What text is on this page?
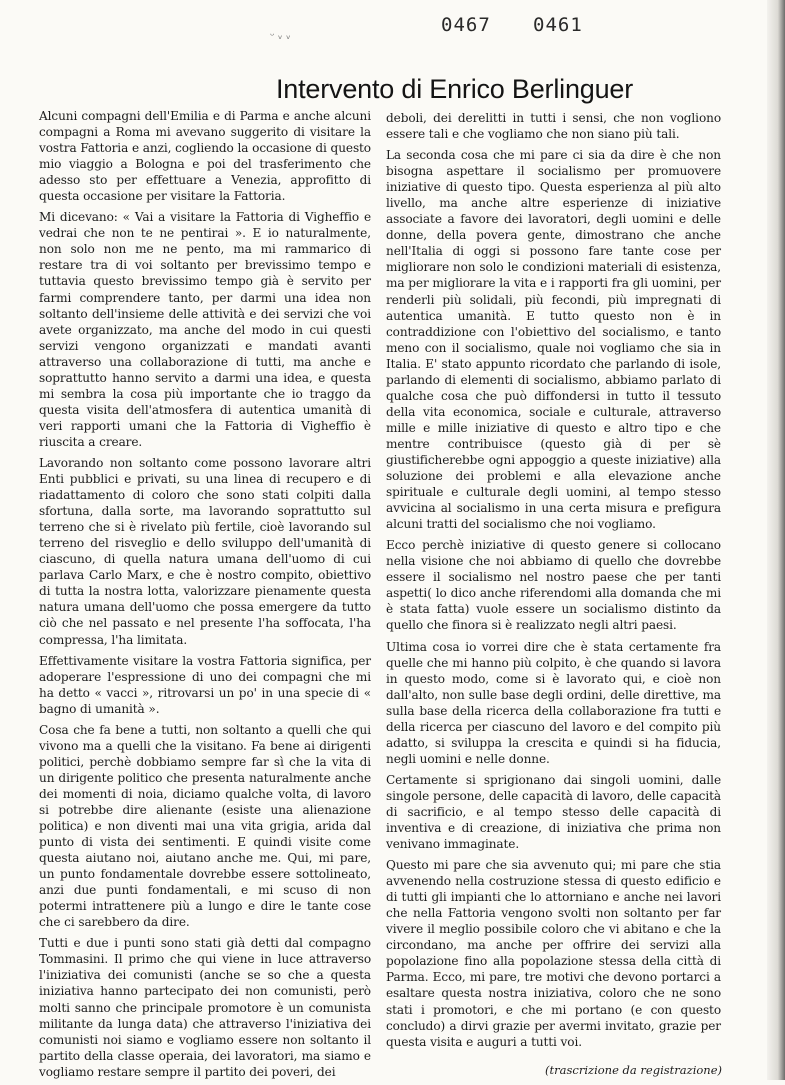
0467 0461
ᵕ ᵥ ᵥ
Intervento di Enrico Berlinguer

Alcuni compagni dell'Emilia e di Parma e anche alcuni compagni a Roma mi avevano suggerito di visitare la vostra Fattoria e anzi, cogliendo la occasione di questo mio viaggio a Bologna e poi del trasferimento che adesso sto per effettuare a Venezia, approfitto di questa occasione per visitare la Fattoria.

Mi dicevano: « Vai a visitare la Fattoria di Vigheffio e vedrai che non te ne pentirai ». E io naturalmente, non solo non me ne pento, ma mi rammarico di restare tra di voi soltanto per brevissimo tempo e tuttavia questo brevissimo tempo già è servito per farmi comprendere tanto, per darmi una idea non soltanto dell'insieme delle attività e dei servizi che voi avete organizzato, ma anche del modo in cui questi servizi vengono organizzati e mandati avanti attraverso una collaborazione di tutti, ma anche e soprattutto hanno servito a darmi una idea, e questa mi sembra la cosa più importante che io traggo da questa visita dell'atmosfera di autentica umanità di veri rapporti umani che la Fattoria di Vigheffio è riuscita a creare.

Lavorando non soltanto come possono lavorare altri Enti pubblici e privati, su una linea di recupero e di riadattamento di coloro che sono stati colpiti dalla sfortuna, dalla sorte, ma lavorando soprattutto sul terreno che si è rivelato più fertile, cioè lavorando sul terreno del risveglio e dello sviluppo dell'umanità di ciascuno, di quella natura umana dell'uomo di cui parlava Carlo Marx, e che è nostro compito, obiettivo di tutta la nostra lotta, valorizzare pienamente questa natura umana dell'uomo che possa emergere da tutto ciò che nel passato e nel presente l'ha soffocata, l'ha compressa, l'ha limitata.

Effettivamente visitare la vostra Fattoria significa, per adoperare l'espressione di uno dei compagni che mi ha detto « vacci », ritrovarsi un po' in una specie di « bagno di umanità ».

Cosa che fa bene a tutti, non soltanto a quelli che qui vivono ma a quelli che la visitano. Fa bene ai dirigenti politici, perchè dobbiamo sempre far sì che la vita di un dirigente politico che presenta naturalmente anche dei momenti di noia, diciamo qualche volta, di lavoro si potrebbe dire alienante (esiste una alienazione politica) e non diventi mai una vita grigia, arida dal punto di vista dei sentimenti. E quindi visite come questa aiutano noi, aiutano anche me. Qui, mi pare, un punto fondamentale dovrebbe essere sottolineato, anzi due punti fondamentali, e mi scuso di non potermi intrattenere più a lungo e dire le tante cose che ci sarebbero da dire.

Tutti e due i punti sono stati già detti dal compagno Tommasini. Il primo che qui viene in luce attraverso l'iniziativa dei comunisti (anche se so che a questa iniziativa hanno partecipato dei non comunisti, però molti sanno che principale promotore è un comunista militante da lunga data) che attraverso l'iniziativa dei comunisti noi siamo e vogliamo essere non soltanto il partito della classe operaia, dei lavoratori, ma siamo e vogliamo restare sempre il partito dei poveri, dei

deboli, dei derelitti in tutti i sensi, che non vogliono essere tali e che vogliamo che non siano più tali.

La seconda cosa che mi pare ci sia da dire è che non bisogna aspettare il socialismo per promuovere iniziative di questo tipo. Questa esperienza al più alto livello, ma anche altre esperienze di iniziative associate a favore dei lavoratori, degli uomini e delle donne, della povera gente, dimostrano che anche nell'Italia di oggi si possono fare tante cose per migliorare non solo le condizioni materiali di esistenza, ma per migliorare la vita e i rapporti fra gli uomini, per renderli più solidali, più fecondi, più impregnati di autentica umanità. E tutto questo non è in contraddizione con l'obiettivo del socialismo, e tanto meno con il socialismo, quale noi vogliamo che sia in Italia. E' stato appunto ricordato che parlando di isole, parlando di elementi di socialismo, abbiamo parlato di qualche cosa che può diffondersi in tutto il tessuto della vita economica, sociale e culturale, attraverso mille e mille iniziative di questo e altro tipo e che mentre contribuisce (questo già di per sè giustificherebbe ogni appoggio a queste iniziative) alla soluzione dei problemi e alla elevazione anche spirituale e culturale degli uomini, al tempo stesso avvicina al socialismo in una certa misura e prefigura alcuni tratti del socialismo che noi vogliamo.

Ecco perchè iniziative di questo genere si collocano nella visione che noi abbiamo di quello che dovrebbe essere il socialismo nel nostro paese che per tanti aspetti( lo dico anche riferendomi alla domanda che mi è stata fatta) vuole essere un socialismo distinto da quello che finora si è realizzato negli altri paesi.

Ultima cosa io vorrei dire che è stata certamente fra quelle che mi hanno più colpito, è che quando si lavora in questo modo, come si è lavorato qui, e cioè non dall'alto, non sulle base degli ordini, delle direttive, ma sulla base della ricerca della collaborazione fra tutti e della ricerca per ciascuno del lavoro e del compito più adatto, si sviluppa la crescita e quindi si ha fiducia, negli uomini e nelle donne.

Certamente si sprigionano dai singoli uomini, dalle singole persone, delle capacità di lavoro, delle capacità di sacrificio, e al tempo stesso delle capacità di inventiva e di creazione, di iniziativa che prima non venivano immaginate.

Questo mi pare che sia avvenuto qui; mi pare che stia avvenendo nella costruzione stessa di questo edificio e di tutti gli impianti che lo attorniano e anche nei lavori che nella Fattoria vengono svolti non soltanto per far vivere il meglio possibile coloro che vi abitano e che la circondano, ma anche per offrire dei servizi alla popolazione fino alla popolazione stessa della città di Parma. Ecco, mi pare, tre motivi che devono portarci a esaltare questa nostra iniziativa, coloro che ne sono stati i promotori, e che mi portano (e con questo concludo) a dirvi grazie per avermi invitato, grazie per questa visita e auguri a tutti voi.

(trascrizione da registrazione)
